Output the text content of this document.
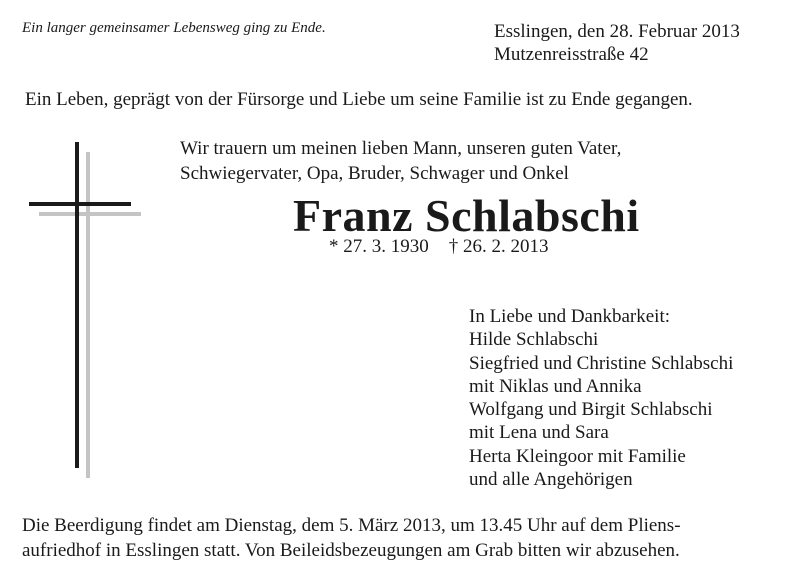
Ein langer gemeinsamer Lebensweg ging zu Ende.	Esslingen, den 28. Februar 2013
Mutzenreisstraße 42
Ein Leben, geprägt von der Fürsorge und Liebe um seine Familie ist zu Ende gegangen.
Wir trauern um meinen lieben Mann, unseren guten Vater,
Schwiegervater, Opa, Bruder, Schwager und Onkel
Franz Schlabschi
* 27. 3. 1930 † 26. 2. 2013
In Liebe und Dankbarkeit:
Hilde Schlabschi
Siegfried und Christine Schlabschi
mit Niklas und Annika
Wolfgang und Birgit Schlabschi
mit Lena und Sara
Herta Kleingoor mit Familie
und alle Angehörigen
Die Beerdigung findet am Dienstag, dem 5. März 2013, um 13.45 Uhr auf dem Pliens-
aufriedhof in Esslingen statt. Von Beileidsbezeugungen am Grab bitten wir abzusehen.
